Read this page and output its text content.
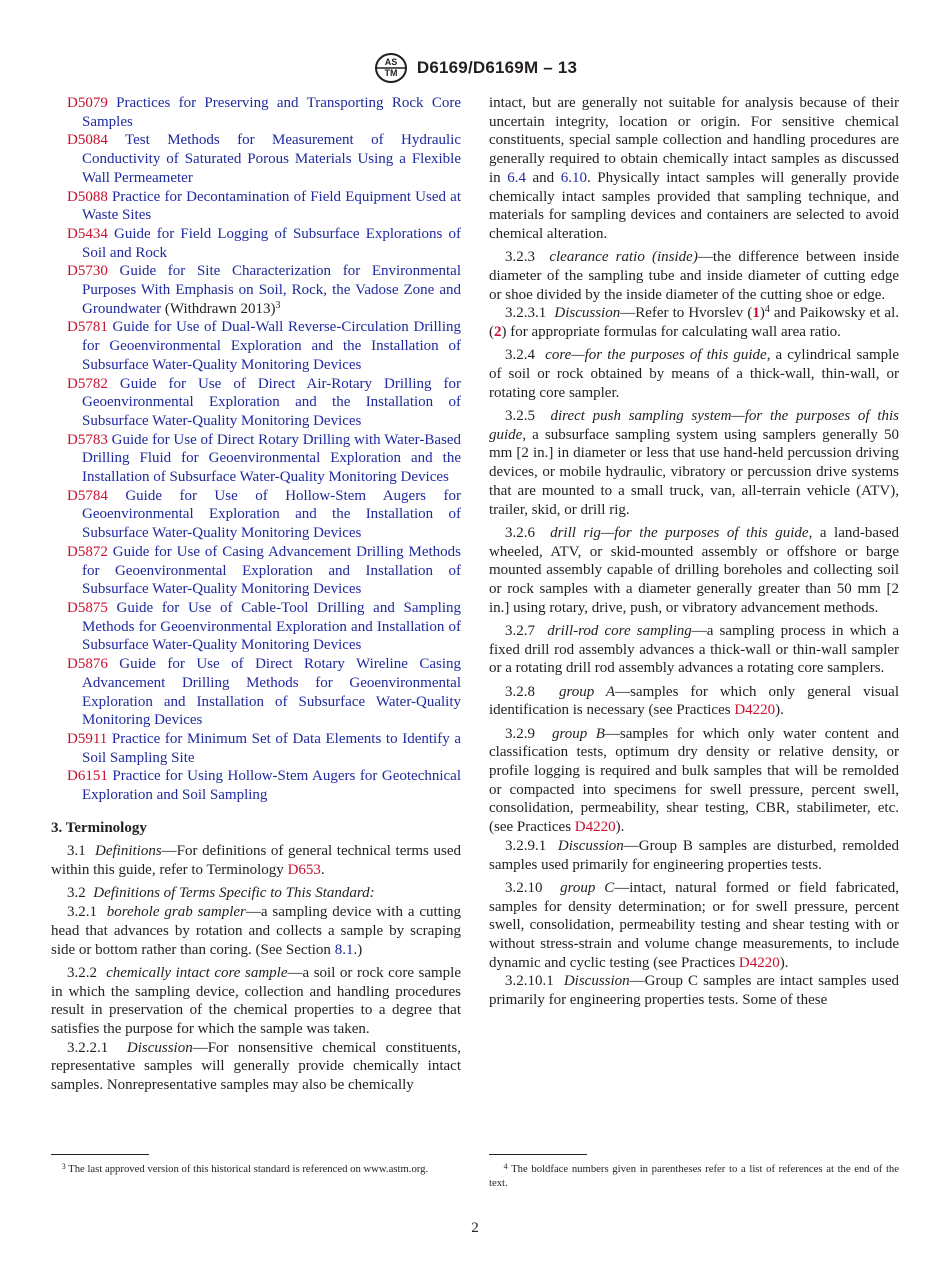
AS
TM D6169/D6169M – 13

D5079 Practices for Preserving and Transporting Rock Core Samples

D5084 Test Methods for Measurement of Hydraulic Conductivity of Saturated Porous Materials Using a Flexible Wall Permeameter

D5088 Practice for Decontamination of Field Equipment Used at Waste Sites

D5434 Guide for Field Logging of Subsurface Explorations of Soil and Rock

D5730 Guide for Site Characterization for Environmental Purposes With Emphasis on Soil, Rock, the Vadose Zone and Groundwater (Withdrawn 2013)$^3$

D5781 Guide for Use of Dual-Wall Reverse-Circulation Drilling for Geoenvironmental Exploration and the Installation of Subsurface Water-Quality Monitoring Devices

D5782 Guide for Use of Direct Air-Rotary Drilling for Geoenvironmental Exploration and the Installation of Subsurface Water-Quality Monitoring Devices

D5783 Guide for Use of Direct Rotary Drilling with Water-Based Drilling Fluid for Geoenvironmental Exploration and the Installation of Subsurface Water-Quality Monitoring Devices

D5784 Guide for Use of Hollow-Stem Augers for Geoenvironmental Exploration and the Installation of Subsurface Water-Quality Monitoring Devices

D5872 Guide for Use of Casing Advancement Drilling Methods for Geoenvironmental Exploration and Installation of Subsurface Water-Quality Monitoring Devices

D5875 Guide for Use of Cable-Tool Drilling and Sampling Methods for Geoenvironmental Exploration and Installation of Subsurface Water-Quality Monitoring Devices

D5876 Guide for Use of Direct Rotary Wireline Casing Advancement Drilling Methods for Geoenvironmental Exploration and Installation of Subsurface Water-Quality Monitoring Devices

D5911 Practice for Minimum Set of Data Elements to Identify a Soil Sampling Site

D6151 Practice for Using Hollow-Stem Augers for Geotechnical Exploration and Soil Sampling

3. Terminology

3.1 Definitions—For definitions of general technical terms used within this guide, refer to Terminology D653.

3.2 Definitions of Terms Specific to This Standard:

3.2.1 borehole grab sampler—a sampling device with a cutting head that advances by rotation and collects a sample by scraping side or bottom rather than coring. (See Section 8.1.)

3.2.2 chemically intact core sample—a soil or rock core sample in which the sampling device, collection and handling procedures result in preservation of the chemical properties to a degree that satisfies the purpose for which the sample was taken.

3.2.2.1 Discussion—For nonsensitive chemical constituents, representative samples will generally provide chemically intact samples. Nonrepresentative samples may also be chemically

intact, but are generally not suitable for analysis because of their uncertain integrity, location or origin. For sensitive chemical constituents, special sample collection and handling procedures are generally required to obtain chemically intact samples as discussed in 6.4 and 6.10. Physically intact samples will generally provide chemically intact samples provided that sampling technique, and materials for sampling devices and containers are selected to avoid chemical alteration.

3.2.3 clearance ratio (inside)—the difference between inside diameter of the sampling tube and inside diameter of cutting edge or shoe divided by the inside diameter of the cutting shoe or edge.

3.2.3.1 Discussion—Refer to Hvorslev $(1)^4$ and Paikowsky et al. (2) for appropriate formulas for calculating wall area ratio.

3.2.4 core—for the purposes of this guide, a cylindrical sample of soil or rock obtained by means of a thick-wall, thin-wall, or rotating core sampler.

3.2.5 direct push sampling system—for the purposes of this guide, a subsurface sampling system using samplers generally 50 mm [2 in.] in diameter or less that use hand-held percussion driving devices, or mobile hydraulic, vibratory or percussion drive systems that are mounted to a small truck, van, all-terrain vehicle (ATV), trailer, skid, or drill rig.

3.2.6 drill rig—for the purposes of this guide, a land-based wheeled, ATV, or skid-mounted assembly or offshore or barge mounted assembly capable of drilling boreholes and collecting soil or rock samples with a diameter generally greater than 50 mm [2 in.] using rotary, drive, push, or vibratory advancement methods.

3.2.7 drill-rod core sampling—a sampling process in which a fixed drill rod assembly advances a thick-wall or thin-wall sampler or a rotating drill rod assembly advances a rotating core samplers.

3.2.8 group A—samples for which only general visual identification is necessary (see Practices D4220).

3.2.9 group B—samples for which only water content and classification tests, optimum dry density or relative density, or profile logging is required and bulk samples that will be remolded or compacted into specimens for swell pressure, percent swell, consolidation, permeability, shear testing, CBR, stabilimeter, etc. (see Practices D4220).

3.2.9.1 Discussion—Group B samples are disturbed, remolded samples used primarily for engineering properties tests.

3.2.10 group C—intact, natural formed or field fabricated, samples for density determination; or for swell pressure, percent swell, consolidation, permeability testing and shear testing with or without stress-strain and volume change measurements, to include dynamic and cyclic testing (see Practices D4220).

3.2.10.1 Discussion—Group C samples are intact samples used primarily for engineering properties tests. Some of these

$^3$ The last approved version of this historical standard is referenced on www.astm.org.	$^4$ The boldface numbers given in parentheses refer to a list of references at the end of the text.
2
